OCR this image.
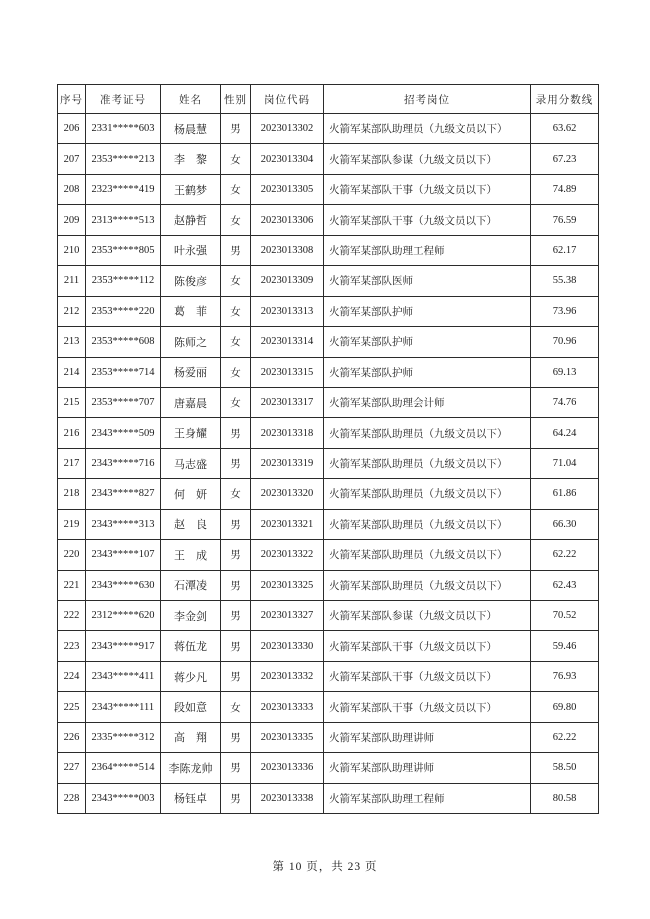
序号	准考证号	姓名	性别	岗位代码	招考岗位	录用分数线
206	2331*****603	杨晨慧	男	2023013302	火箭军某部队助理员（九级文员以下）	63.62
207	2353*****213	李　黎	女	2023013304	火箭军某部队参谋（九级文员以下）	67.23
208	2323*****419	王鹤梦	女	2023013305	火箭军某部队干事（九级文员以下）	74.89
209	2313*****513	赵静哲	女	2023013306	火箭军某部队干事（九级文员以下）	76.59
210	2353*****805	叶永强	男	2023013308	火箭军某部队助理工程师	62.17
211	2353*****112	陈俊彦	女	2023013309	火箭军某部队医师	55.38
212	2353*****220	葛　菲	女	2023013313	火箭军某部队护师	73.96
213	2353*****608	陈师之	女	2023013314	火箭军某部队护师	70.96
214	2353*****714	杨爱丽	女	2023013315	火箭军某部队护师	69.13
215	2353*****707	唐嘉晨	女	2023013317	火箭军某部队助理会计师	74.76
216	2343*****509	王身耀	男	2023013318	火箭军某部队助理员（九级文员以下）	64.24
217	2343*****716	马志盛	男	2023013319	火箭军某部队助理员（九级文员以下）	71.04
218	2343*****827	何　妍	女	2023013320	火箭军某部队助理员（九级文员以下）	61.86
219	2343*****313	赵　良	男	2023013321	火箭军某部队助理员（九级文员以下）	66.30
220	2343*****107	王　成	男	2023013322	火箭军某部队助理员（九级文员以下）	62.22
221	2343*****630	石潭凌	男	2023013325	火箭军某部队助理员（九级文员以下）	62.43
222	2312*****620	李金剑	男	2023013327	火箭军某部队参谋（九级文员以下）	70.52
223	2343*****917	蒋伍龙	男	2023013330	火箭军某部队干事（九级文员以下）	59.46
224	2343*****411	蒋少凡	男	2023013332	火箭军某部队干事（九级文员以下）	76.93
225	2343*****111	段如意	女	2023013333	火箭军某部队干事（九级文员以下）	69.80
226	2335*****312	高　翔	男	2023013335	火箭军某部队助理讲师	62.22
227	2364*****514	李陈龙帅	男	2023013336	火箭军某部队助理讲师	58.50
228	2343*****003	杨钰卓	男	2023013338	火箭军某部队助理工程师	80.58
第 10 页，共 23 页
